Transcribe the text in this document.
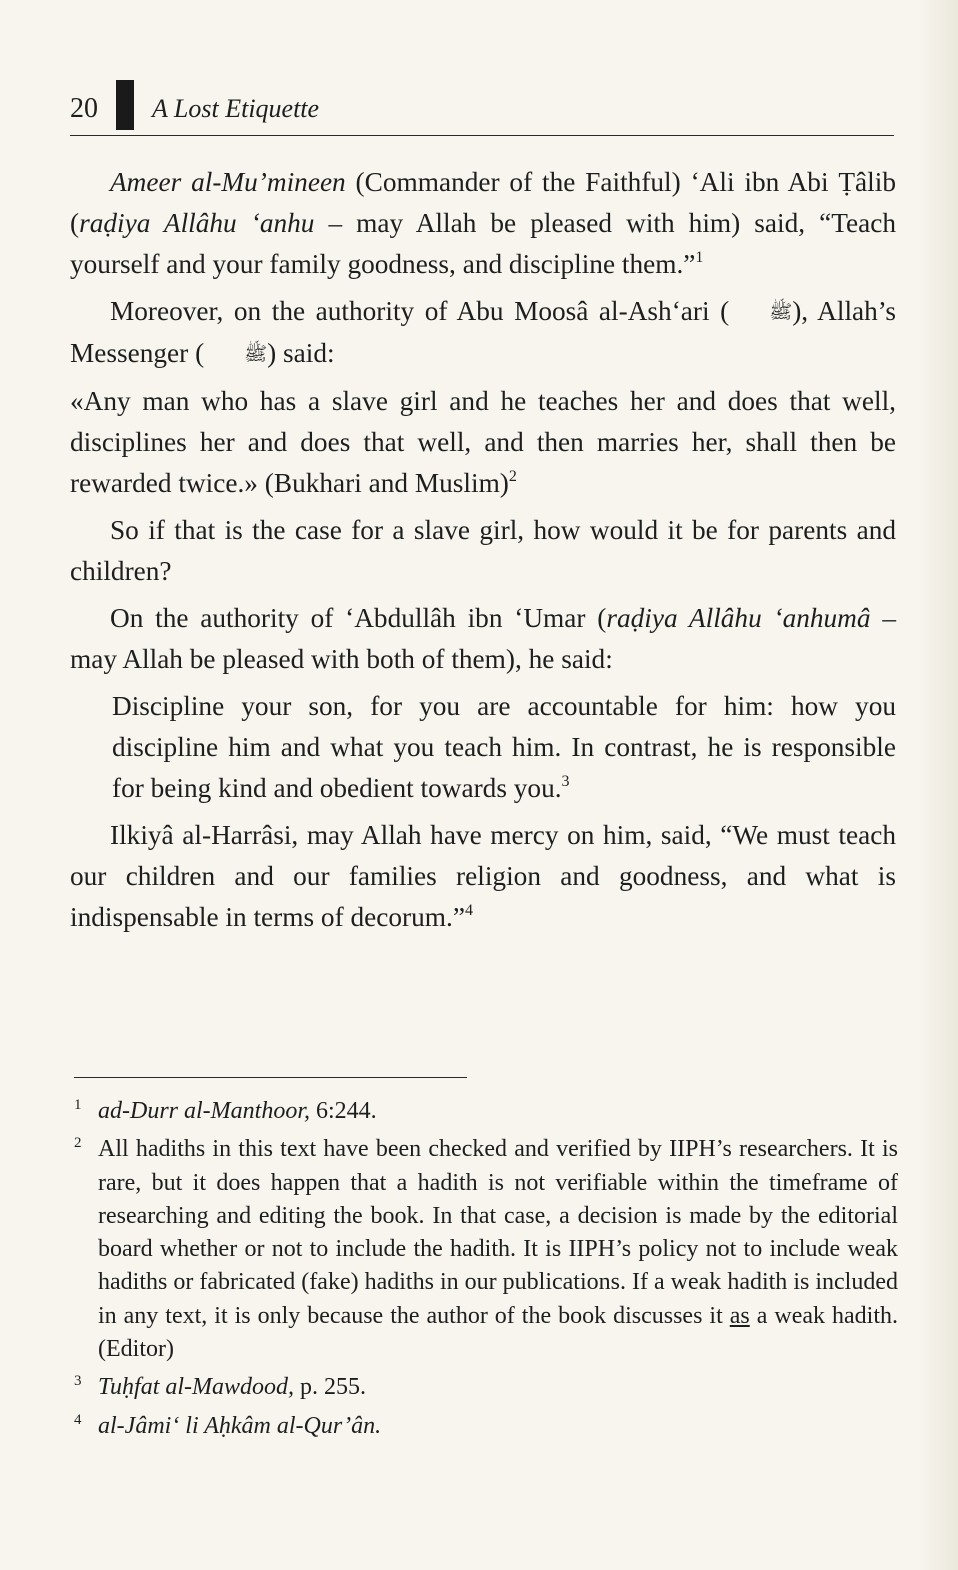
20 A Lost Etiquette

Ameer al-Mu’mineen (Commander of the Faithful) ‘Ali ibn Abi Ṭâlib (raḍiya Allâhu ‘anhu – may Allah be pleased with him) said, “Teach yourself and your family goodness, and discipline them.”$^1$

Moreover, on the authority of Abu Moosâ al-Ash‘ari ( ﷺ), Allah’s Messenger ( ﷺ) said:

«Any man who has a slave girl and he teaches her and does that well, disciplines her and does that well, and then marries her, shall then be rewarded twice.» (Bukhari and Muslim)$^2$

So if that is the case for a slave girl, how would it be for parents and children?

On the authority of ‘Abdullâh ibn ‘Umar (raḍiya Allâhu ‘anhumâ – may Allah be pleased with both of them), he said:

Discipline your son, for you are accountable for him: how you discipline him and what you teach him. In contrast, he is responsible for being kind and obedient towards you.$^3$

Ilkiyâ al-Harrâsi, may Allah have mercy on him, said, “We must teach our children and our families religion and goodness, and what is indispensable in terms of decorum.”$^4$

1 ad-Durr al-Manthoor, 6:244.
2 All hadiths in this text have been checked and verified by IIPH’s researchers. It is rare, but it does happen that a hadith is not verifiable within the timeframe of researching and editing the book. In that case, a decision is made by the editorial board whether or not to include the hadith. It is IIPH’s policy not to include weak hadiths or fabricated (fake) hadiths in our publications. If a weak hadith is included in any text, it is only because the author of the book discusses it as a weak hadith. (Editor)
3 Tuḥfat al-Mawdood, p. 255.
4 al-Jâmi‘ li Aḥkâm al-Qur’ân.
